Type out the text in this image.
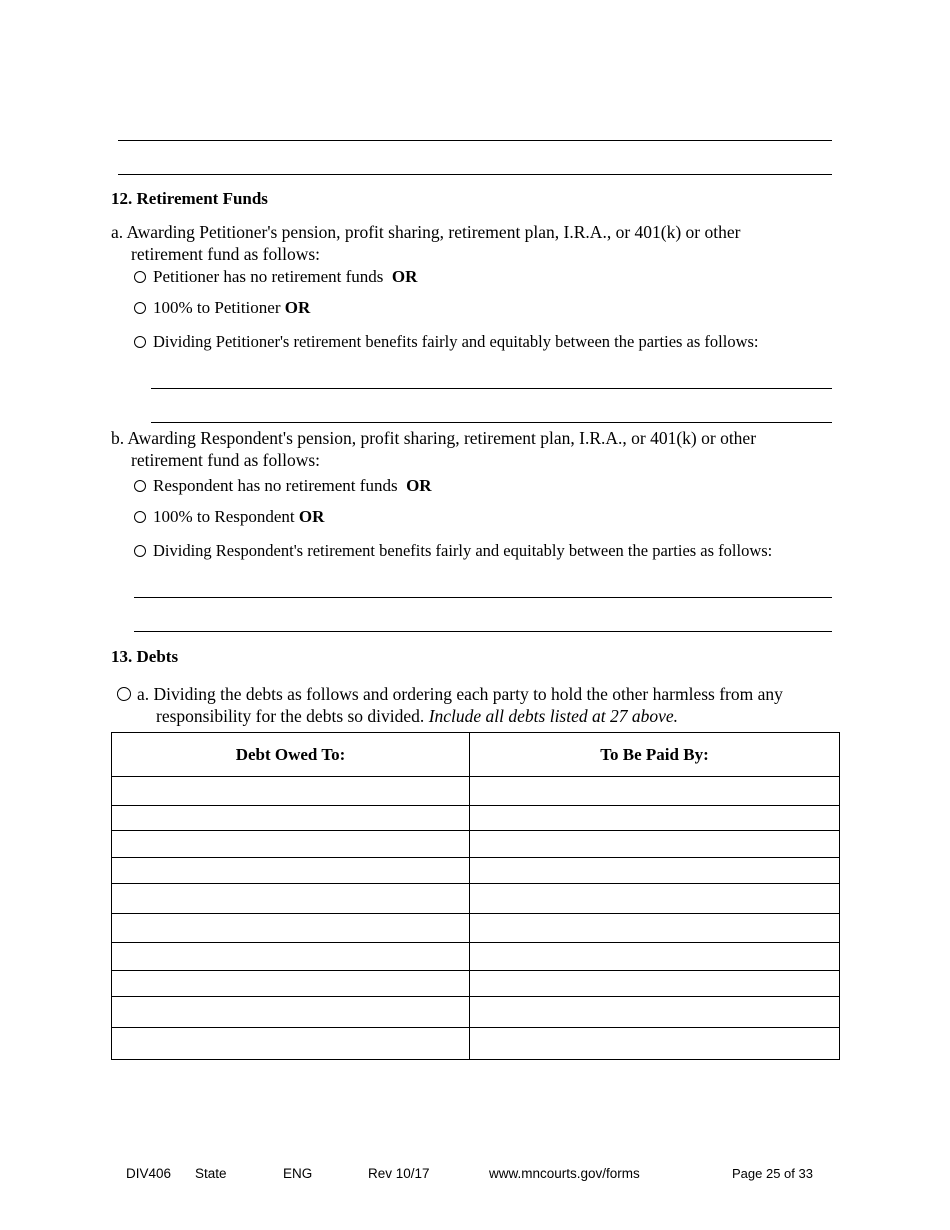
12. Retirement Funds
a. Awarding Petitioner's pension, profit sharing, retirement plan, I.R.A., or 401(k) or other
retirement fund as follows:
Petitioner has no retirement funds OR
100% to Petitioner OR
Dividing Petitioner's retirement benefits fairly and equitably between the parties as follows:
b. Awarding Respondent's pension, profit sharing, retirement plan, I.R.A., or 401(k) or other
retirement fund as follows:
Respondent has no retirement funds OR
100% to Respondent OR
Dividing Respondent's retirement benefits fairly and equitably between the parties as follows:
13. Debts
a. Dividing the debts as follows and ordering each party to hold the other harmless from any
responsibility for the debts so divided. Include all debts listed at 27 above.
Debt Owed To:	To Be Paid By:

DIV406 State	ENG	Rev 10/17	www.mncourts.gov/forms	Page 25 of 33
